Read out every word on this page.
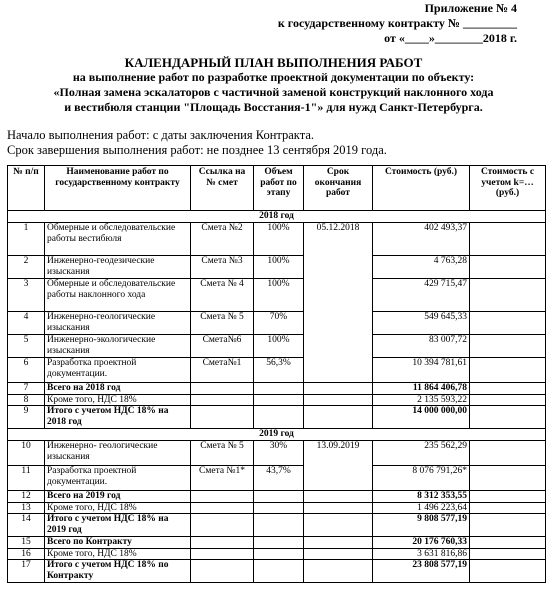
Приложение № 4
к государственному контракту № _________
от «____»________2018 г.
КАЛЕНДАРНЫЙ ПЛАН ВЫПОЛНЕНИЯ РАБОТ
на выполнение работ по разработке проектной документации по объекту:
«Полная замена эскалаторов с частичной заменой конструкций наклонного хода
и вестибюля станции "Площадь Восстания-1"» для нужд Санкт-Петербурга.
Начало выполнения работ: с даты заключения Контракта.
Срок завершения выполнения работ: не позднее 13 сентября 2019 года.
№ п/п	Наименование работ по государственному контракту	Ссылка на № смет	Объем работ по этапу	Срок окончания работ	Стоимость (руб.)	Стоимость с учетом k=… (руб.)
2018 год						
1	Обмерные и обследовательские работы вестибюля	Смета №2	100%	05.12.2018	402 493,37	
2	Инженерно-геодезические изыскания	Смета №3	100%		4 763,28	
3	Обмерные и обследовательские работы наклонного хода	Смета № 4	100%		429 715,47	
4	Инженерно-геологические изыскания	Смета № 5	70%		549 645,33	
5	Инженерно-экологические изыскания	Смета№6	100%		83 007,72	
6	Разработка проектной документации.	Смета№1	56,3%		10 394 781,61	
7	Всего на 2018 год				11 864 406,78	
8	Кроме того, НДС 18%				2 135 593,22	
9	Итого с учетом НДС 18% на 2018 год				14 000 000,00	
2019 год						
10	Инженерно- геологические изыскания	Смета № 5	30%	13.09.2019	235 562,29	
11	Разработка проектной документации.	Смета №1*	43,7%		8 076 791,26*	
12	Всего на 2019 год				8 312 353,55	
13	Кроме того, НДС 18%				1 496 223,64	
14	Итого с учетом НДС 18% на 2019 год				9 808 577,19	
15	Всего по Контракту				20 176 760,33	
16	Кроме того, НДС 18%				3 631 816,86	
17	Итого с учетом НДС 18% по Контракту				23 808 577,19	
